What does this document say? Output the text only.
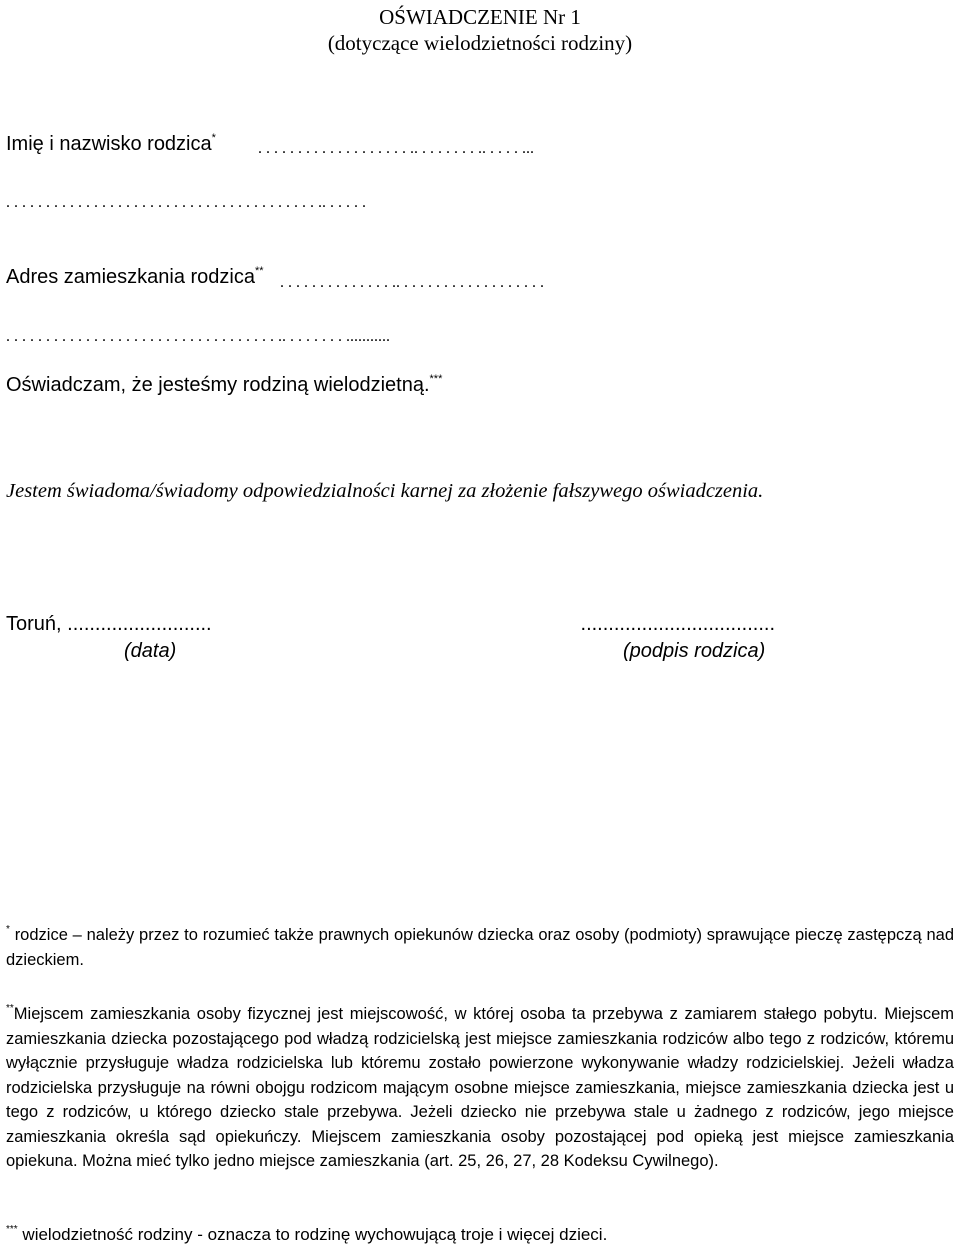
OŚWIADCZENIE Nr 1
(dotyczące wielodzietności rodziny)
Imię i nazwisko rodzica*
. . . . . . . . . . . . . . . . . . . .. . . . . . . . .. . . . . ...
. . . . . . . . . . . . . . . . . . . . . . . . . . . . . . . . . . . . . . . .. . . . . .
Adres zamieszkania rodzica**
. . . . . . . . . . . . . . .. . . . . . . . . . . . . . . . . . .
. . . . . . . . . . . . . . . . . . . . . . . . . . . . . . . . . . .. . . . . . . . ...........
Oświadczam, że jesteśmy rodziną wielodzietną.***
Jestem świadoma/świadomy odpowiedzialności karnej za złożenie fałszywego oświadczenia.
Toruń, ..........................	...................................
(data)	(podpis rodzica)
* rodzice – należy przez to rozumieć także prawnych opiekunów dziecka oraz osoby (podmioty) sprawujące pieczę zastępczą nad dzieckiem.
**Miejscem zamieszkania osoby fizycznej jest miejscowość, w której osoba ta przebywa z zamiarem stałego pobytu. Miejscem zamieszkania dziecka pozostającego pod władzą rodzicielską jest miejsce zamieszkania rodziców albo tego z rodziców, któremu wyłącznie przysługuje władza rodzicielska lub któremu zostało powierzone wykonywanie władzy rodzicielskiej. Jeżeli władza rodzicielska przysługuje na równi obojgu rodzicom mającym osobne miejsce zamieszkania, miejsce zamieszkania dziecka jest u tego z rodziców, u którego dziecko stale przebywa. Jeżeli dziecko nie przebywa stale u żadnego z rodziców, jego miejsce zamieszkania określa sąd opiekuńczy. Miejscem zamieszkania osoby pozostającej pod opieką jest miejsce zamieszkania opiekuna. Można mieć tylko jedno miejsce zamieszkania (art. 25, 26, 27, 28 Kodeksu Cywilnego).
*** wielodzietność rodziny - oznacza to rodzinę wychowującą troje i więcej dzieci.
